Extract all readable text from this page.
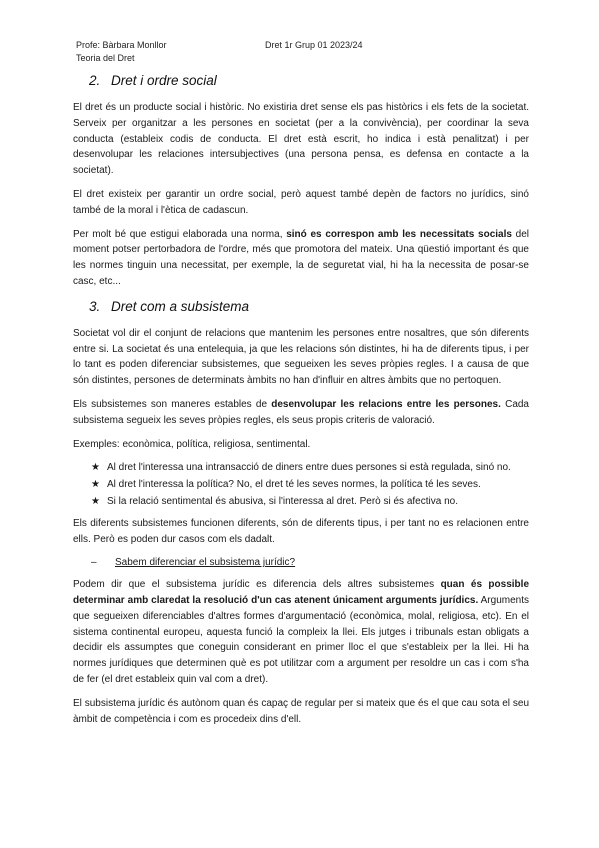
Profe: Bàrbara Monllor
Teoria del Dret
Dret 1r Grup 01 2023/24
2. Dret i ordre social

El dret és un producte social i històric. No existiria dret sense els pas històrics i els fets de la societat. Serveix per organitzar a les persones en societat (per a la convivència), per coordinar la seva conducta (estableix codis de conducta. El dret està escrit, ho indica i està penalitzat) i per desenvolupar les relaciones intersubjectives (una persona pensa, es defensa en contacte a la societat).

El dret existeix per garantir un ordre social, però aquest també depèn de factors no jurídics, sinó també de la moral i l'ètica de cadascun.

Per molt bé que estigui elaborada una norma, sinó es correspon amb les necessitats socials del moment potser pertorbadora de l'ordre, més que promotora del mateix. Una qüestió important és que les normes tinguin una necessitat, per exemple, la de seguretat vial, hi ha la necessita de posar-se casc, etc...

3. Dret com a subsistema

Societat vol dir el conjunt de relacions que mantenim les persones entre nosaltres, que són diferents entre si. La societat és una entelequia, ja que les relacions són distintes, hi ha de diferents tipus, i per lo tant es poden diferenciar subsistemes, que segueixen les seves pròpies regles. I a causa de que són distintes, persones de determinats àmbits no han d'influir en altres àmbits que no pertoquen.

Els subsistemes son maneres estables de desenvolupar les relacions entre les persones. Cada subsistema segueix les seves pròpies regles, els seus propis criteris de valoració.

Exemples: econòmica, política, religiosa, sentimental.

★ Al dret l'interessa una intransacció de diners entre dues persones si està regulada, sinó no.
★ Al dret l'interessa la política? No, el dret té les seves normes, la política té les seves.
★ Si la relació sentimental és abusiva, si l'interessa al dret. Però si és afectiva no.

Els diferents subsistemes funcionen diferents, són de diferents tipus, i per tant no es relacionen entre ells. Però es poden dur casos com els dadalt.

– Sabem diferenciar el subsistema jurídic?

Podem dir que el subsistema jurídic es diferencia dels altres subsistemes quan és possible determinar amb claredat la resolució d'un cas atenent únicament arguments jurídics. Arguments que segueixen diferenciables d'altres formes d'argumentació (econòmica, molal, religiosa, etc). En el sistema continental europeu, aquesta funció la compleix la llei. Els jutges i tribunals estan obligats a decidir els assumptes que coneguin considerant en primer lloc el que s'estableix per la llei. Hi ha normes jurídiques que determinen què es pot utilitzar com a argument per resoldre un cas i com s'ha de fer (el dret estableix quin val com a dret).

El subsistema jurídic és autònom quan és capaç de regular per si mateix que és el que cau sota el seu àmbit de competència i com es procedeix dins d'ell.
